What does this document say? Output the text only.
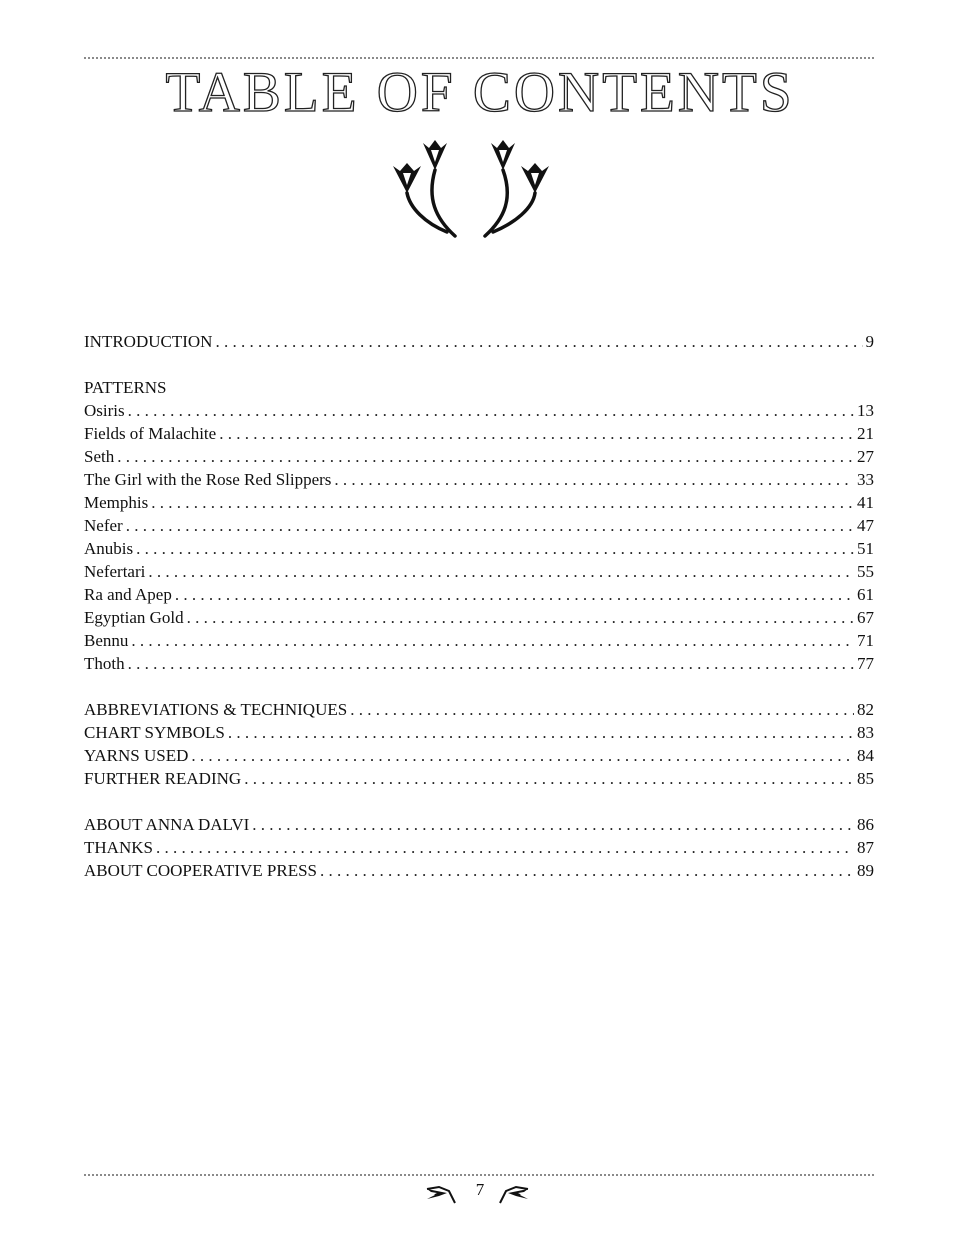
TABLE OF CONTENTS
INTRODUCTION . . .	9
PATTERNS
Osiris . . .	13
Fields of Malachite . . .	21
Seth . . .	27
The Girl with the Rose Red Slippers . . .	33
Memphis . . .	41
Nefer . . .	47
Anubis . . .	51
Nefertari . . .	55
Ra and Apep . . .	61
Egyptian Gold . . .	67
Bennu . . .	71
Thoth . . .	77
ABBREVIATIONS & TECHNIQUES . . .	82
CHART SYMBOLS . . .	83
YARNS USED . . .	84
FURTHER READING . . .	85
ABOUT ANNA DALVI . . .	86
THANKS . . .	87
ABOUT COOPERATIVE PRESS . . .	89
7
